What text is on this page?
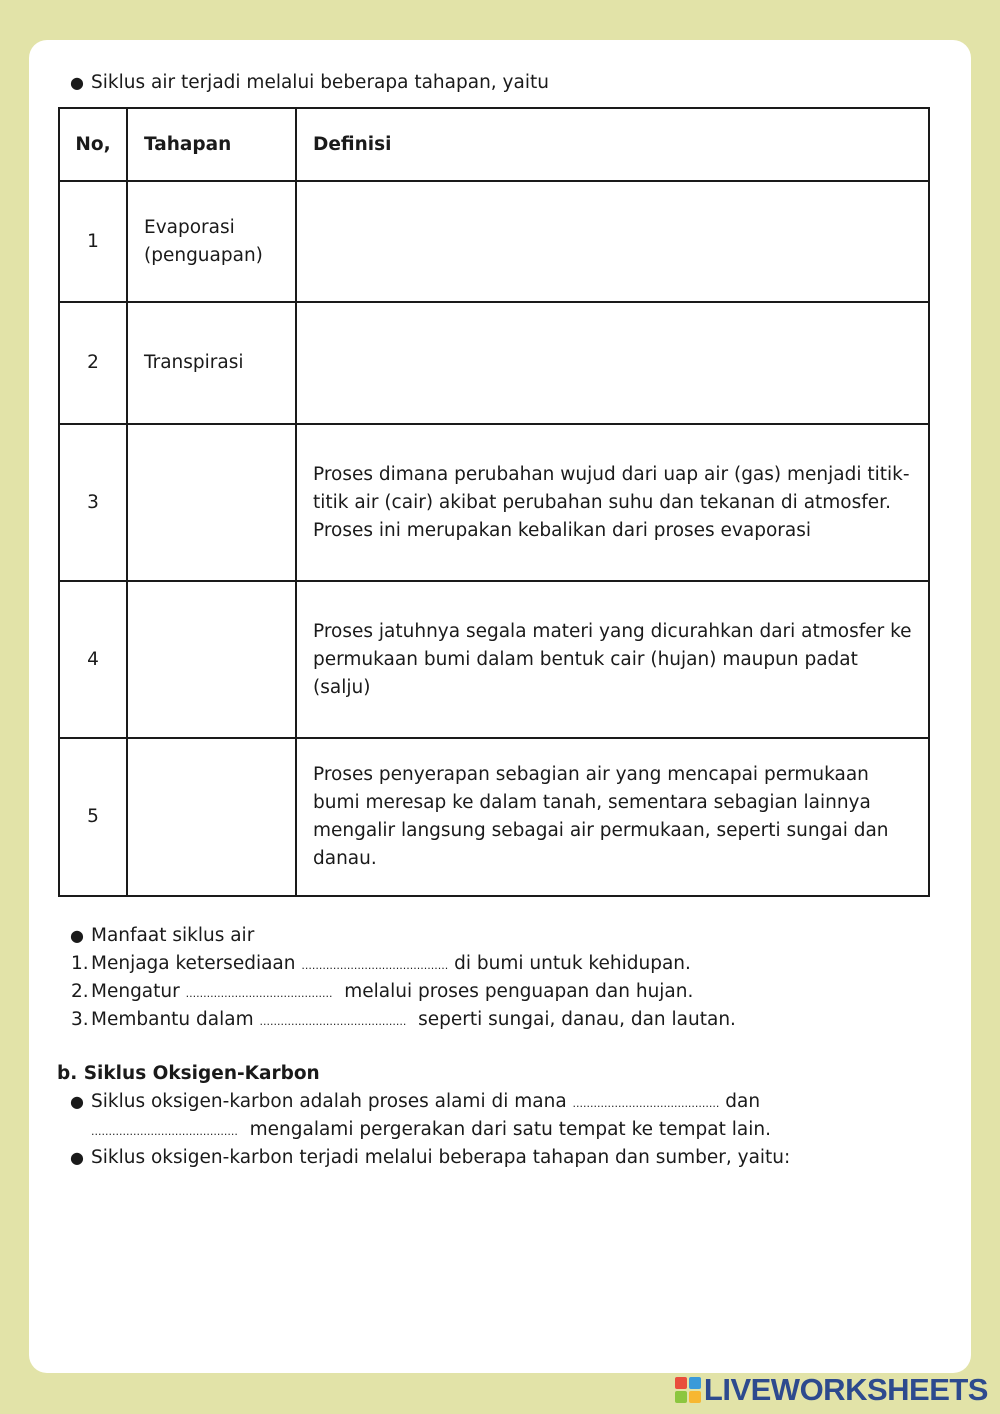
● Siklus air terjadi melalui beberapa tahapan, yaitu
No,	Tahapan	Definisi
1	Evaporasi (penguapan)	
2	Transpirasi	
3		Proses dimana perubahan wujud dari uap air (gas) menjadi titik-titik air (cair) akibat perubahan suhu dan tekanan di atmosfer. Proses ini merupakan kebalikan dari proses evaporasi
4		Proses jatuhnya segala materi yang dicurahkan dari atmosfer ke permukaan bumi dalam bentuk cair (hujan) maupun padat (salju)
5		Proses penyerapan sebagian air yang mencapai permukaan bumi meresap ke dalam tanah, sementara sebagian lainnya mengalir langsung sebagai air permukaan, seperti sungai dan danau.
● Manfaat siklus air
1. Menjaga ketersediaan .......................................... di bumi untuk kehidupan.
2. Mengatur .......................................... melalui proses penguapan dan hujan.
3. Membantu dalam .......................................... seperti sungai, danau, dan lautan.
b. Siklus Oksigen-Karbon
● Siklus oksigen-karbon adalah proses alami di mana .......................................... dan
.......................................... mengalami pergerakan dari satu tempat ke tempat lain.
● Siklus oksigen-karbon terjadi melalui beberapa tahapan dan sumber, yaitu:
LIVEWORKSHEETS
